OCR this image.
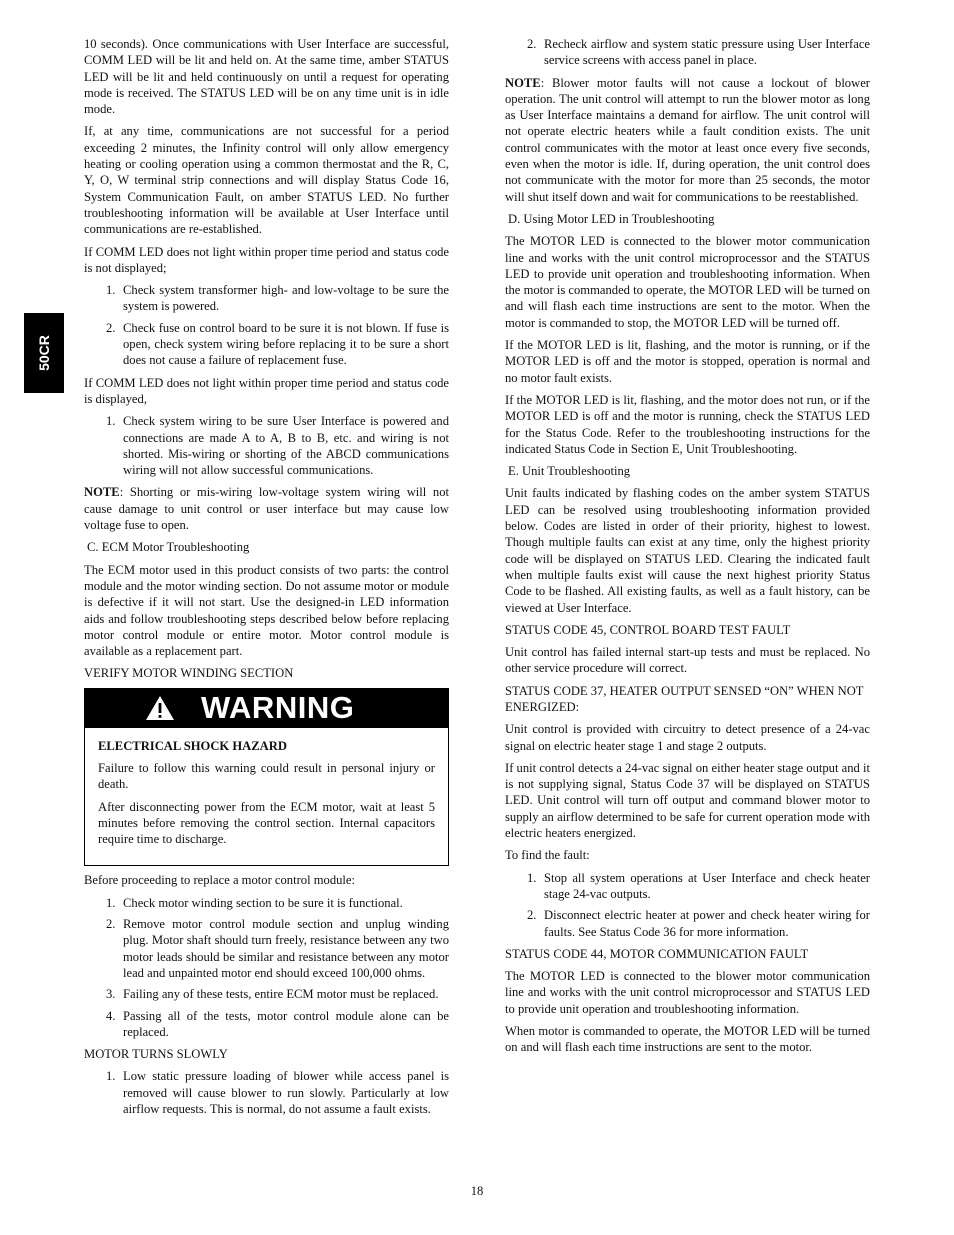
50CR

10 seconds). Once communications with User Interface are successful, COMM LED will be lit and held on. At the same time, amber STATUS LED will be lit and held continuously on until a request for operating mode is received. The STATUS LED will be on any time unit is in idle mode.

If, at any time, communications are not successful for a period exceeding 2 minutes, the Infinity control will only allow emergency heating or cooling operation using a common thermostat and the R, C, Y, O, W terminal strip connections and will display Status Code 16, System Communication Fault, on amber STATUS LED. No further troubleshooting information will be available at User Interface until communications are re-established.

If COMM LED does not light within proper time period and status code is not displayed;

1. Check system transformer high- and low-voltage to be sure the system is powered.
2. Check fuse on control board to be sure it is not blown. If fuse is open, check system wiring before replacing it to be sure a short does not cause a failure of replacement fuse.

If COMM LED does not light within proper time period and status code is displayed,

1. Check system wiring to be sure User Interface is powered and connections are made A to A, B to B, etc. and wiring is not shorted. Mis-wiring or shorting of the ABCD communications wiring will not allow successful communications.

NOTE: Shorting or mis-wiring low-voltage system wiring will not cause damage to unit control or user interface but may cause low voltage fuse to open.

C. ECM Motor Troubleshooting

The ECM motor used in this product consists of two parts: the control module and the motor winding section. Do not assume motor or module is defective if it will not start. Use the designed-in LED information aids and follow troubleshooting steps described below before replacing motor control module or entire motor. Motor control module is available as a replacement part.

VERIFY MOTOR WINDING SECTION

WARNING

ELECTRICAL SHOCK HAZARD

Failure to follow this warning could result in personal injury or death.

After disconnecting power from the ECM motor, wait at least 5 minutes before removing the control section. Internal capacitors require time to discharge.

Before proceeding to replace a motor control module:

1. Check motor winding section to be sure it is functional.
2. Remove motor control module section and unplug winding plug. Motor shaft should turn freely, resistance between any two motor leads should be similar and resistance between any motor lead and unpainted motor end should exceed 100,000 ohms.
3. Failing any of these tests, entire ECM motor must be replaced.
4. Passing all of the tests, motor control module alone can be replaced.

MOTOR TURNS SLOWLY

1. Low static pressure loading of blower while access panel is removed will cause blower to run slowly. Particularly at low airflow requests. This is normal, do not assume a fault exists.
2. Recheck airflow and system static pressure using User Interface service screens with access panel in place.

NOTE: Blower motor faults will not cause a lockout of blower operation. The unit control will attempt to run the blower motor as long as User Interface maintains a demand for airflow. The unit control will not operate electric heaters while a fault condition exists. The unit control communicates with the motor at least once every five seconds, even when the motor is idle. If, during operation, the unit control does not communicate with the motor for more than 25 seconds, the motor will shut itself down and wait for communications to be reestablished.

D. Using Motor LED in Troubleshooting

The MOTOR LED is connected to the blower motor communication line and works with the unit control microprocessor and the STATUS LED to provide unit operation and troubleshooting information. When the motor is commanded to operate, the MOTOR LED will be turned on and will flash each time instructions are sent to the motor. When the motor is commanded to stop, the MOTOR LED will be turned off.

If the MOTOR LED is lit, flashing, and the motor is running, or if the MOTOR LED is off and the motor is stopped, operation is normal and no motor fault exists.

If the MOTOR LED is lit, flashing, and the motor does not run, or if the MOTOR LED is off and the motor is running, check the STATUS LED for the Status Code. Refer to the troubleshooting instructions for the indicated Status Code in Section E, Unit Troubleshooting.

E. Unit Troubleshooting

Unit faults indicated by flashing codes on the amber system STATUS LED can be resolved using troubleshooting information provided below. Codes are listed in order of their priority, highest to lowest. Though multiple faults can exist at any time, only the highest priority code will be displayed on STATUS LED. Clearing the indicated fault when multiple faults exist will cause the next highest priority Status Code to be flashed. All existing faults, as well as a fault history, can be viewed at User Interface.

STATUS CODE 45, CONTROL BOARD TEST FAULT

Unit control has failed internal start-up tests and must be replaced. No other service procedure will correct.

STATUS CODE 37, HEATER OUTPUT SENSED “ON” WHEN NOT ENERGIZED:

Unit control is provided with circuitry to detect presence of a 24-vac signal on electric heater stage 1 and stage 2 outputs.

If unit control detects a 24-vac signal on either heater stage output and it is not supplying signal, Status Code 37 will be displayed on STATUS LED. Unit control will turn off output and command blower motor to supply an airflow determined to be safe for current operation mode with electric heaters energized.

To find the fault:

1. Stop all system operations at User Interface and check heater stage 24-vac outputs.
2. Disconnect electric heater at power and check heater wiring for faults. See Status Code 36 for more information.

STATUS CODE 44, MOTOR COMMUNICATION FAULT

The MOTOR LED is connected to the blower motor communication line and works with the unit control microprocessor and STATUS LED to provide unit operation and troubleshooting information.

When motor is commanded to operate, the MOTOR LED will be turned on and will flash each time instructions are sent to the motor.

18
